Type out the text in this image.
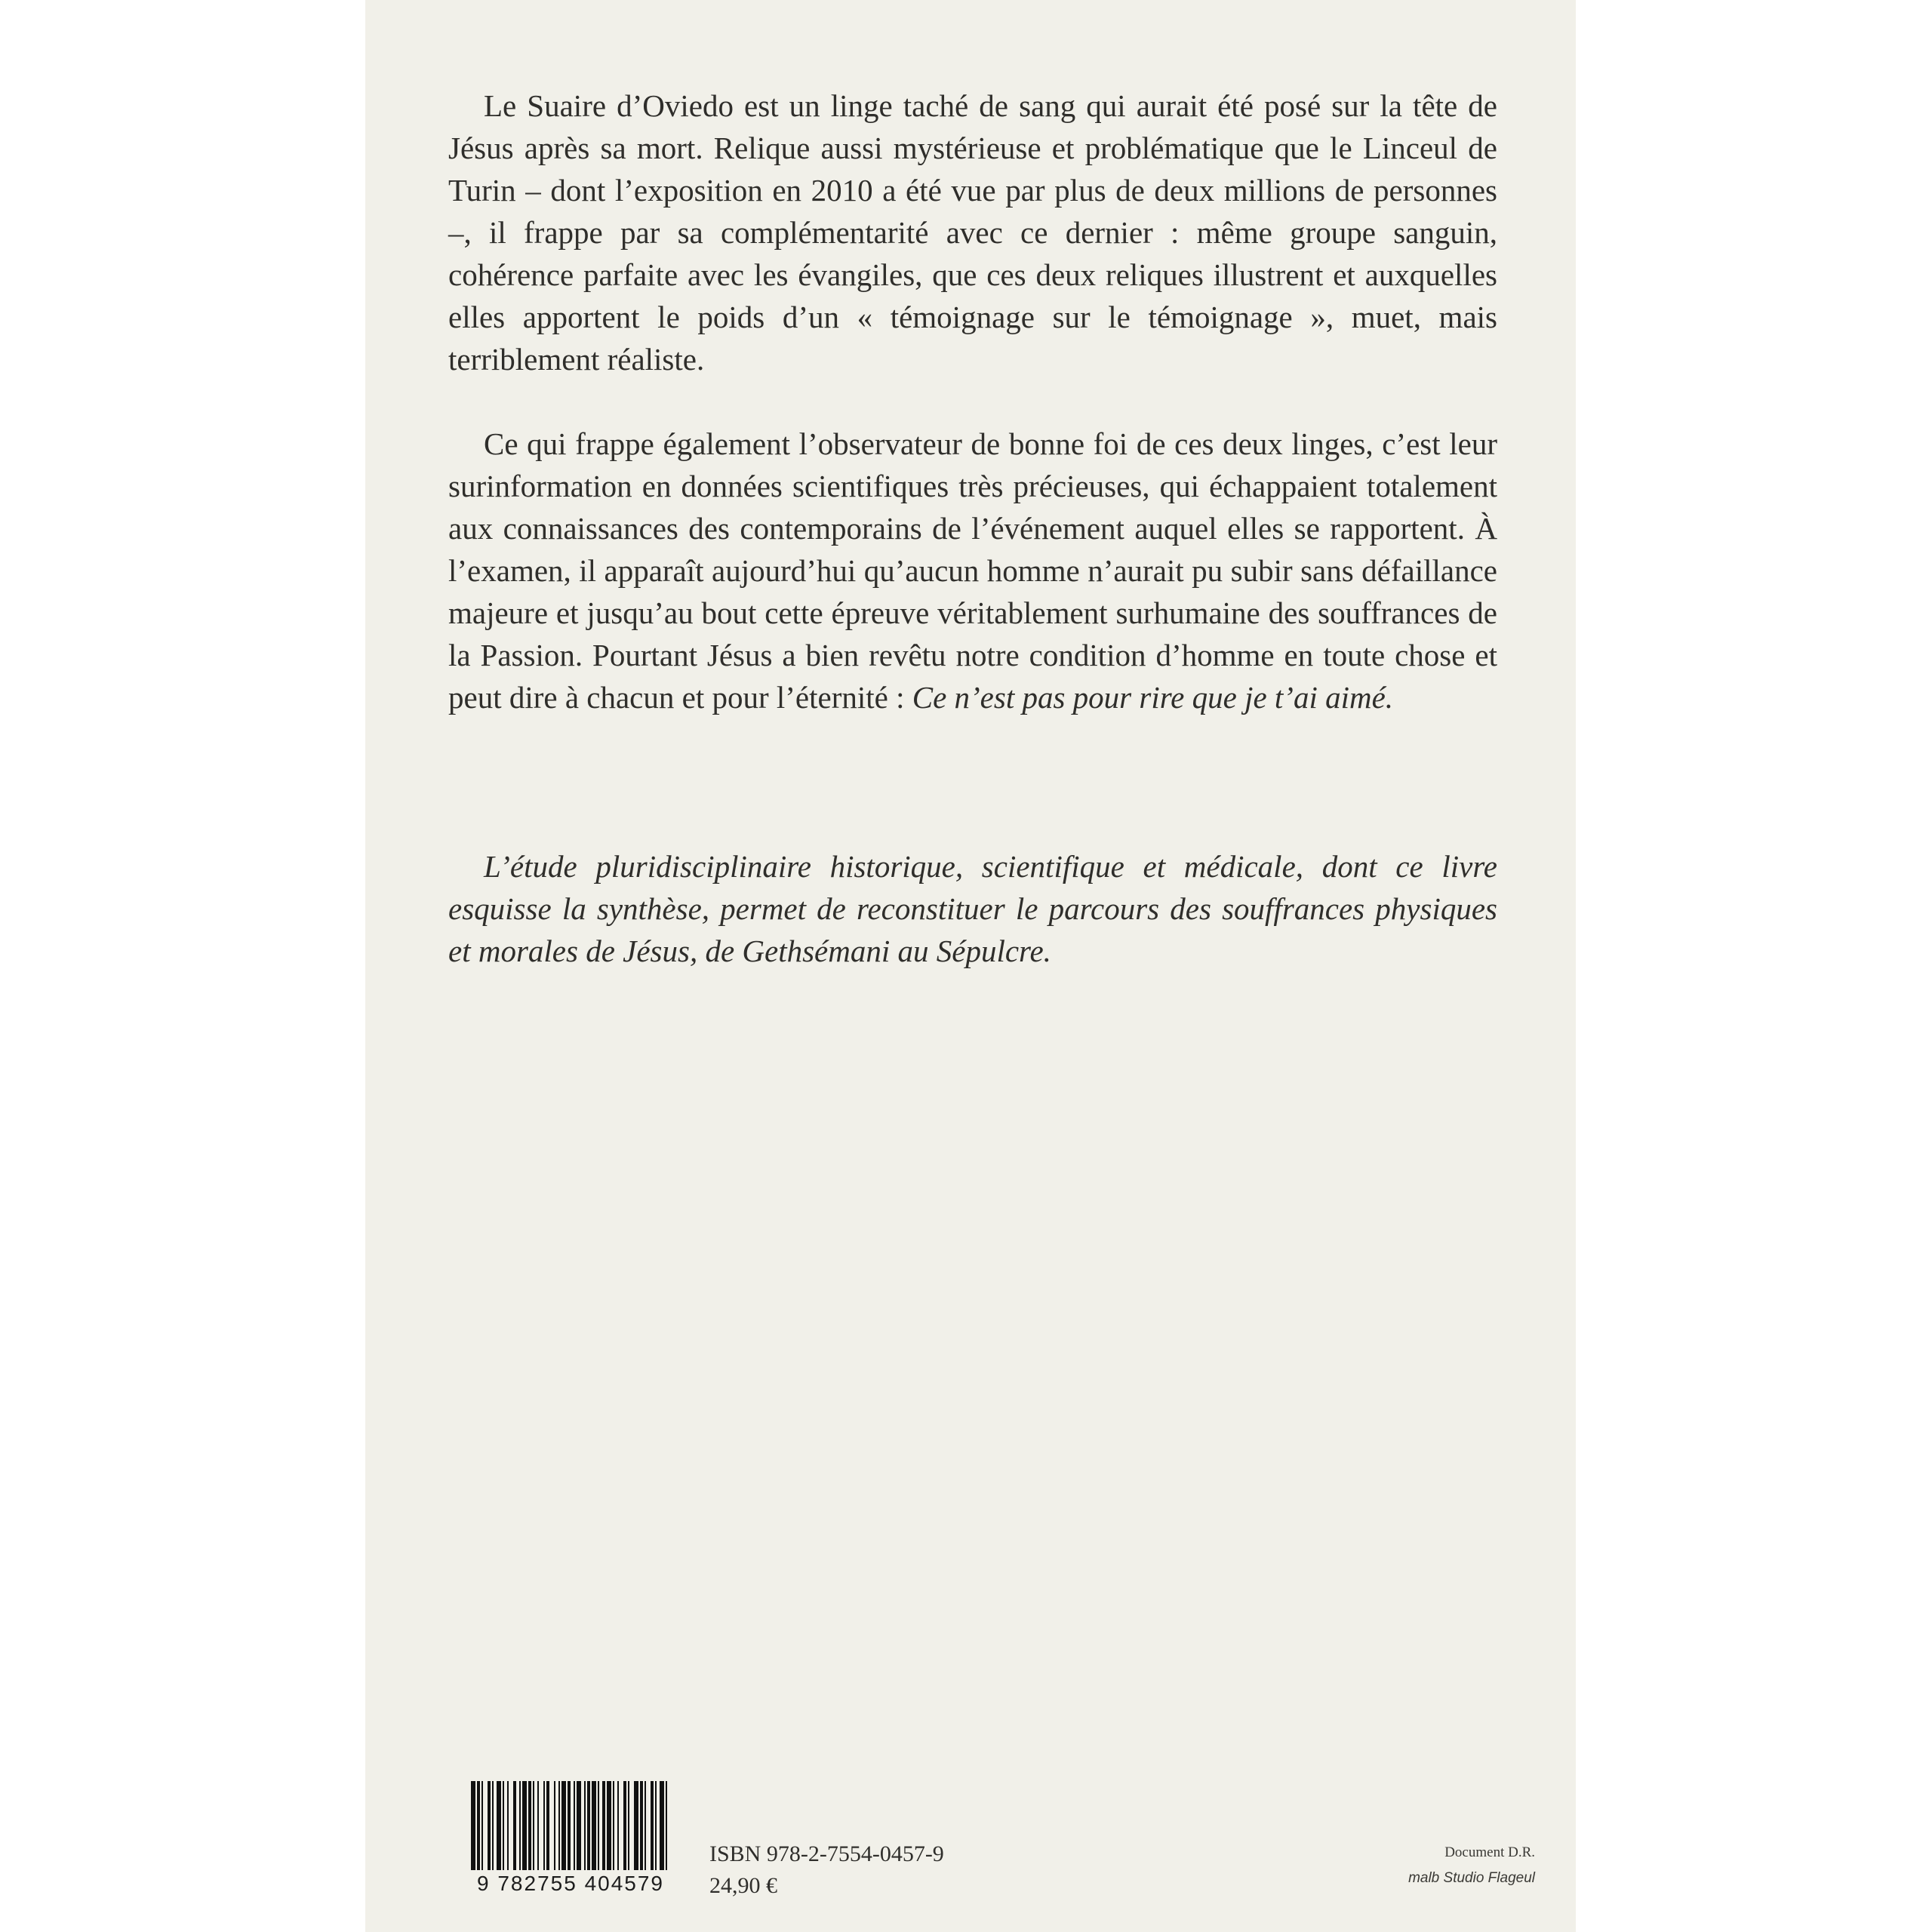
Le Suaire d’Oviedo est un linge taché de sang qui aurait été posé sur la tête de Jésus après sa mort. Relique aussi mystérieuse et problématique que le Linceul de Turin – dont l’exposition en 2010 a été vue par plus de deux millions de personnes –, il frappe par sa complémentarité avec ce dernier : même groupe sanguin, cohérence parfaite avec les évangiles, que ces deux reliques illustrent et auxquelles elles apportent le poids d’un « témoignage sur le témoignage », muet, mais terriblement réaliste.

Ce qui frappe également l’observateur de bonne foi de ces deux linges, c’est leur surinformation en données scientifiques très précieuses, qui échappaient totalement aux connaissances des contemporains de l’événement auquel elles se rapportent. À l’examen, il apparaît aujourd’hui qu’aucun homme n’aurait pu subir sans défaillance majeure et jusqu’au bout cette épreuve véritablement surhumaine des souffrances de la Passion. Pourtant Jésus a bien revêtu notre condition d’homme en toute chose et peut dire à chacun et pour l’éternité : Ce n’est pas pour rire que je t’ai aimé.

L’étude pluridisciplinaire historique, scientifique et médicale, dont ce livre esquisse la synthèse, permet de reconstituer le parcours des souffrances physiques et morales de Jésus, de Gethsémani au Sépulcre.

9 782755 404579
ISBN 978-2-7554-0457-9
24,90 €
Document D.R.
malb Studio Flageul
